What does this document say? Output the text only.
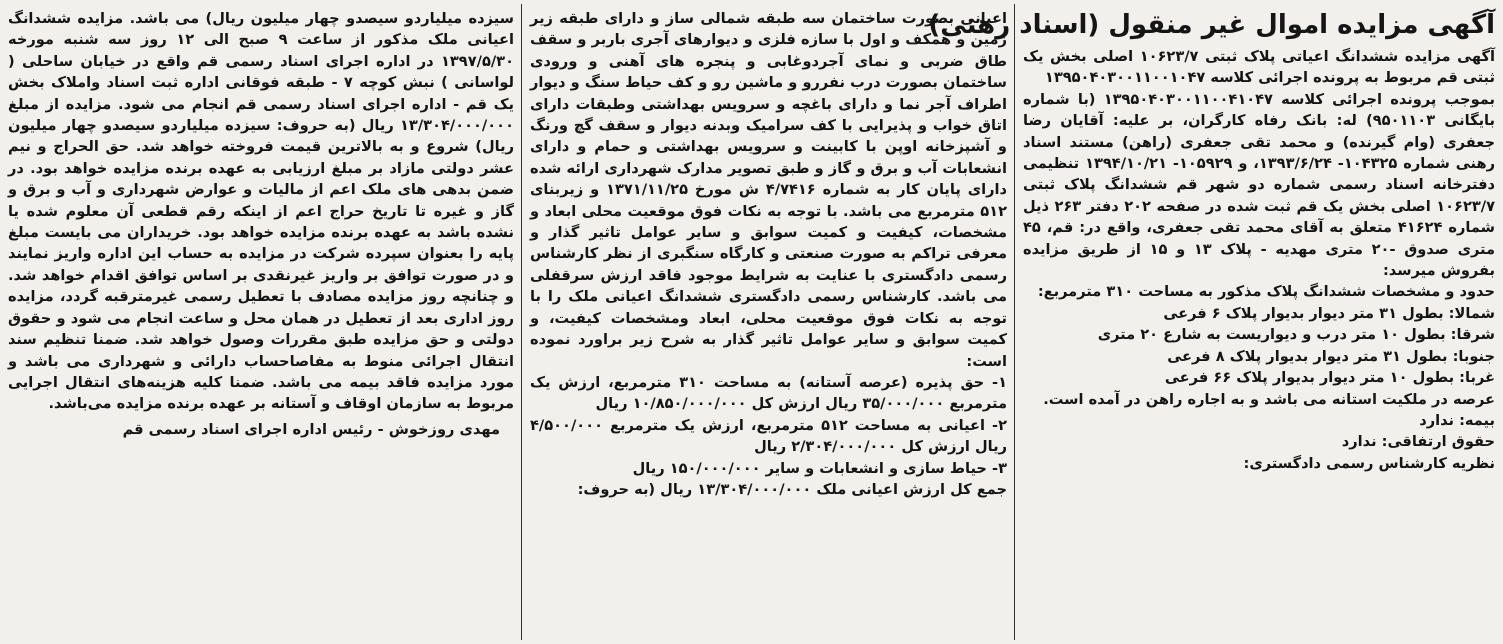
آگهی مزایده اموال غیر منقول (اسناد رهنی)

آگهی مزایده ششدانگ اعیاتی پلاک ثبتی ۱۰۶۲۳/۷ اصلی بخش یک ثبتی قم مربوط به پرونده اجرائی کلاسه ۱۳۹۵۰۴۰۳۰۰۱۱۰۰۱۰۴۷

بموجب پرونده اجرائی کلاسه ۱۳۹۵۰۴۰۳۰۰۱۱۰۰۴۱۰۴۷ (با شماره بایگانی ۹۵۰۱۱۰۳) له: بانک رفاه کارگران، بر علیه: آقایان رضا جعفری (وام گیرنده) و محمد تقی جعفری (راهن) مستند اسناد رهنی شماره ۱۰۴۳۲۵- ۱۳۹۳/۶/۲۴، و ۱۰۵۹۲۹- ۱۳۹۴/۱۰/۲۱ تنظیمی دفترخانه اسناد رسمی شماره دو شهر قم ششدانگ پلاک ثبتی ۱۰۶۲۳/۷ اصلی بخش یک قم ثبت شده در صفحه ۲۰۲ دفتر ۲۶۳ ذیل شماره ۴۱۶۲۴ متعلق به آقای محمد تقی جعفری، واقع در: قم، ۴۵ متری صدوق -۲۰ متری مهدیه - پلاک ۱۳ و ۱۵ از طریق مزایده بفروش میرسد:

حدود و مشخصات ششدانگ پلاک مذکور به مساحت ۳۱۰ مترمربع:

شمالا: بطول ۳۱ متر دیوار بدیوار پلاک ۶ فرعی

شرقا: بطول ۱۰ متر درب و دیواریست به شارع ۲۰ متری

جنوبا: بطول ۳۱ متر دیوار بدیوار پلاک ۸ فرعی

غربا: بطول ۱۰ متر دیوار بدیوار پلاک ۶۶ فرعی

عرصه در ملکیت استانه می باشد و به اجاره راهن در آمده است.

بیمه: ندارد

حقوق ارتفاقی: ندارد

نظریه کارشناس رسمی دادگستری:

اعیانی بصورت ساختمان سه طبقه شمالی ساز و دارای طبقه زیر زمین و همکف و اول با سازه فلزی و دیوارهای آجری باربر و سقف طاق ضربی و نمای آجردوغابی و پنجره های آهنی و ورودی ساختمان بصورت درب نفررو و ماشین رو و کف حیاط سنگ و دیوار اطراف آجر نما و دارای باغچه و سرویس بهداشتی وطبقات دارای اتاق خواب و پذیرایی با کف سرامیک وبدنه دیوار و سقف گچ ورنگ و آشپزخانه اوپن با کابینت و سرویس بهداشتی و حمام و دارای انشعابات آب و برق و گاز و طبق تصویر مدارک شهرداری ارائه شده دارای پایان کار به شماره ۴/۷۴۱۶ ش مورخ ۱۳۷۱/۱۱/۲۵ و زیربنای ۵۱۲ مترمربع می باشد. با توجه به نکات فوق موقعیت محلی ابعاد و مشخصات، کیفیت و کمیت سوابق و سایر عوامل تاثیر گذار و معرفی تراکم به صورت صنعتی و کارگاه سنگبری از نظر کارشناس رسمی دادگستری با عنایت به شرایط موجود فاقد ارزش سرقفلی می باشد. کارشناس رسمی دادگستری ششدانگ اعیانی ملک را با توجه به نکات فوق موقعیت محلی، ابعاد ومشخصات کیفیت، و کمیت سوابق و سایر عوامل تاثیر گذار به شرح زیر براورد نموده است:

۱- حق پذیره (عرصه آستانه) به مساحت ۳۱۰ مترمربع، ارزش یک مترمربع ۳۵/۰۰۰/۰۰۰ ریال ارزش کل ۱۰/۸۵۰/۰۰۰/۰۰۰ ریال

۲- اعیانی به مساحت ۵۱۲ مترمربع، ارزش یک مترمربع ۴/۵۰۰/۰۰۰ ریال ارزش کل ۲/۳۰۴/۰۰۰/۰۰۰ ریال

۳- حیاط سازی و انشعابات و سایر ۱۵۰/۰۰۰/۰۰۰ ریال

جمع کل ارزش اعیانی ملک ۱۳/۳۰۴/۰۰۰/۰۰۰ ریال (به حروف:

سیزده میلیاردو سیصدو چهار میلیون ریال) می باشد. مزایده ششدانگ اعیانی ملک مذکور از ساعت ۹ صبح الی ۱۲ روز سه شنبه مورخه ۱۳۹۷/۵/۳۰ در اداره اجرای اسناد رسمی قم واقع در خیابان ساحلی ( لواسانی ) نبش کوچه ۷ - طبقه فوقانی اداره ثبت اسناد واملاک بخش یک قم - اداره اجرای اسناد رسمی قم انجام می شود. مزایده از مبلغ ۱۳/۳۰۴/۰۰۰/۰۰۰ ریال (به حروف: سیزده میلیاردو سیصدو چهار میلیون ریال) شروع و به بالاترین قیمت فروخته خواهد شد. حق الحراج و نیم عشر دولتی مازاد بر مبلغ ارزیابی به عهده برنده مزایده خواهد بود. در ضمن بدهی های ملک اعم از مالیات و عوارض شهرداری و آب و برق و گاز و غیره تا تاریخ حراج اعم از اینکه رقم قطعی آن معلوم شده یا نشده باشد به عهده برنده مزایده خواهد بود. خریداران می بایست مبلغ پایه را بعنوان سپرده شرکت در مزایده به حساب این اداره واریز نمایند و در صورت توافق بر واریز غیرنقدی بر اساس توافق اقدام خواهد شد. و چنانچه روز مزایده مصادف با تعطیل رسمی غیرمترقبه گردد، مزایده روز اداری بعد از تعطیل در همان محل و ساعت انجام می شود و حقوق دولتی و حق مزایده طبق مقررات وصول خواهد شد. ضمنا تنظیم سند انتقال اجرائی منوط به مفاصاحساب دارائی و شهرداری می باشد و مورد مزایده فاقد بیمه می باشد. ضمنا کلیه هزینه‌های انتقال اجرایی مربوط به سازمان اوقاف و آستانه بر عهده برنده مزایده می‌باشد.

مهدی روزخوش - رئیس اداره اجرای اسناد رسمی قم
